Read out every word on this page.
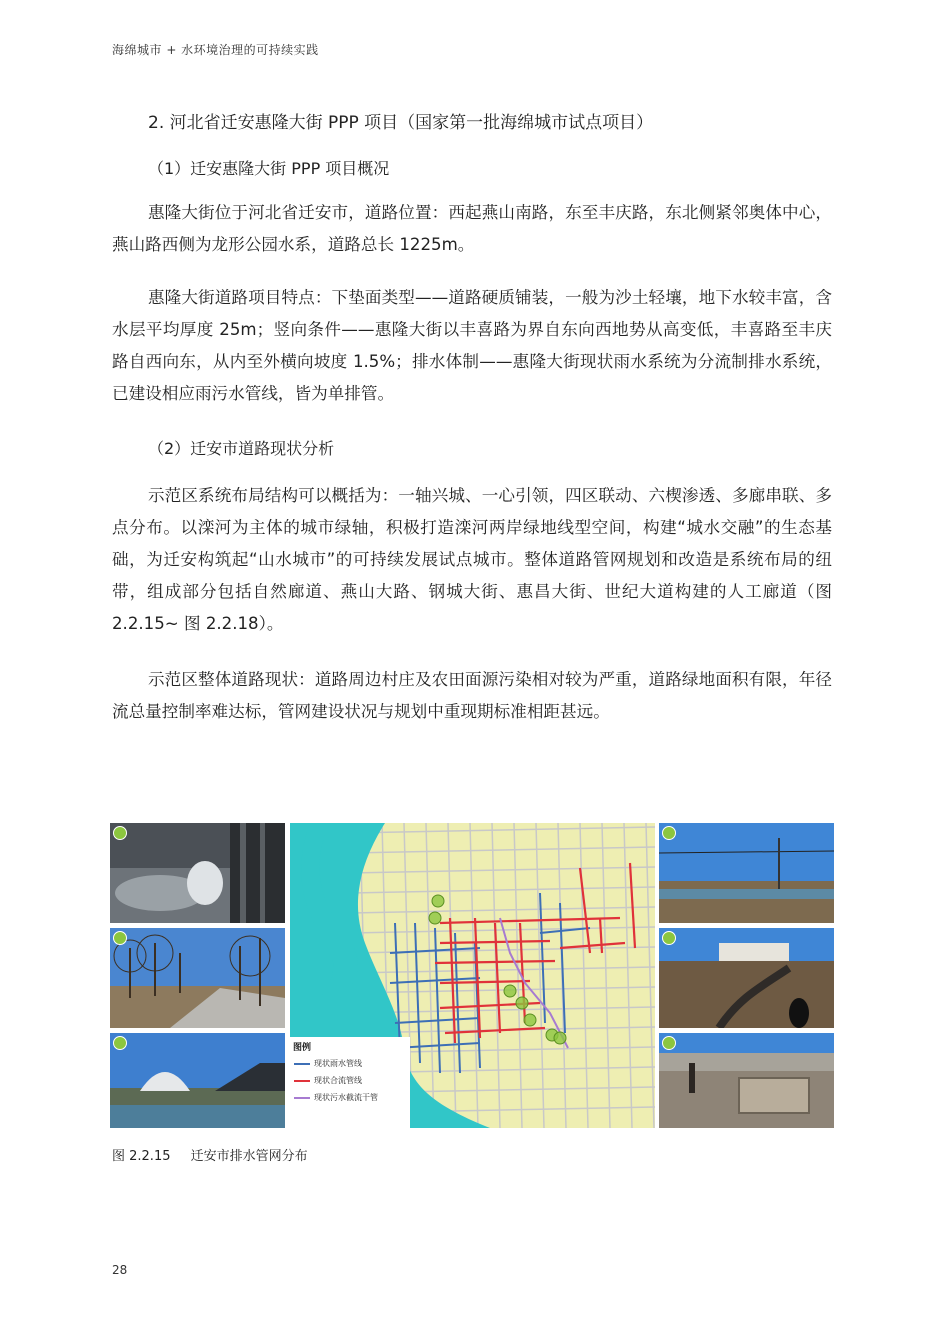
海绵城市 + 水环境治理的可持续实践
2. 河北省迁安惠隆大街 PPP 项目（国家第一批海绵城市试点项目）
（1）迁安惠隆大街 PPP 项目概况

惠隆大街位于河北省迁安市，道路位置：西起燕山南路，东至丰庆路，东北侧紧邻奥体中心，燕山路西侧为龙形公园水系，道路总长 1225m。

惠隆大街道路项目特点：下垫面类型——道路硬质铺装，一般为沙土轻壤，地下水较丰富，含水层平均厚度 25m；竖向条件——惠隆大街以丰喜路为界自东向西地势从高变低，丰喜路至丰庆路自西向东，从内至外横向坡度 1.5%；排水体制——惠隆大街现状雨水系统为分流制排水系统，已建设相应雨污水管线，皆为单排管。

（2）迁安市道路现状分析

示范区系统布局结构可以概括为：一轴兴城、一心引领，四区联动、六楔渗透、多廊串联、多点分布。以滦河为主体的城市绿轴，积极打造滦河两岸绿地线型空间，构建“城水交融”的生态基础，为迁安构筑起“山水城市”的可持续发展试点城市。整体道路管网规划和改造是系统布局的纽带，组成部分包括自然廊道、燕山大路、钢城大街、惠昌大街、世纪大道构建的人工廊道（图 2.2.15~ 图 2.2.18）。

示范区整体道路现状：道路周边村庄及农田面源污染相对较为严重，道路绿地面积有限，年径流总量控制率难达标，管网建设状况与规划中重现期标准相距甚远。

图例
现状雨水管线
现状合流管线
现状污水截流干管
图 2.2.15 迁安市排水管网分布
28
